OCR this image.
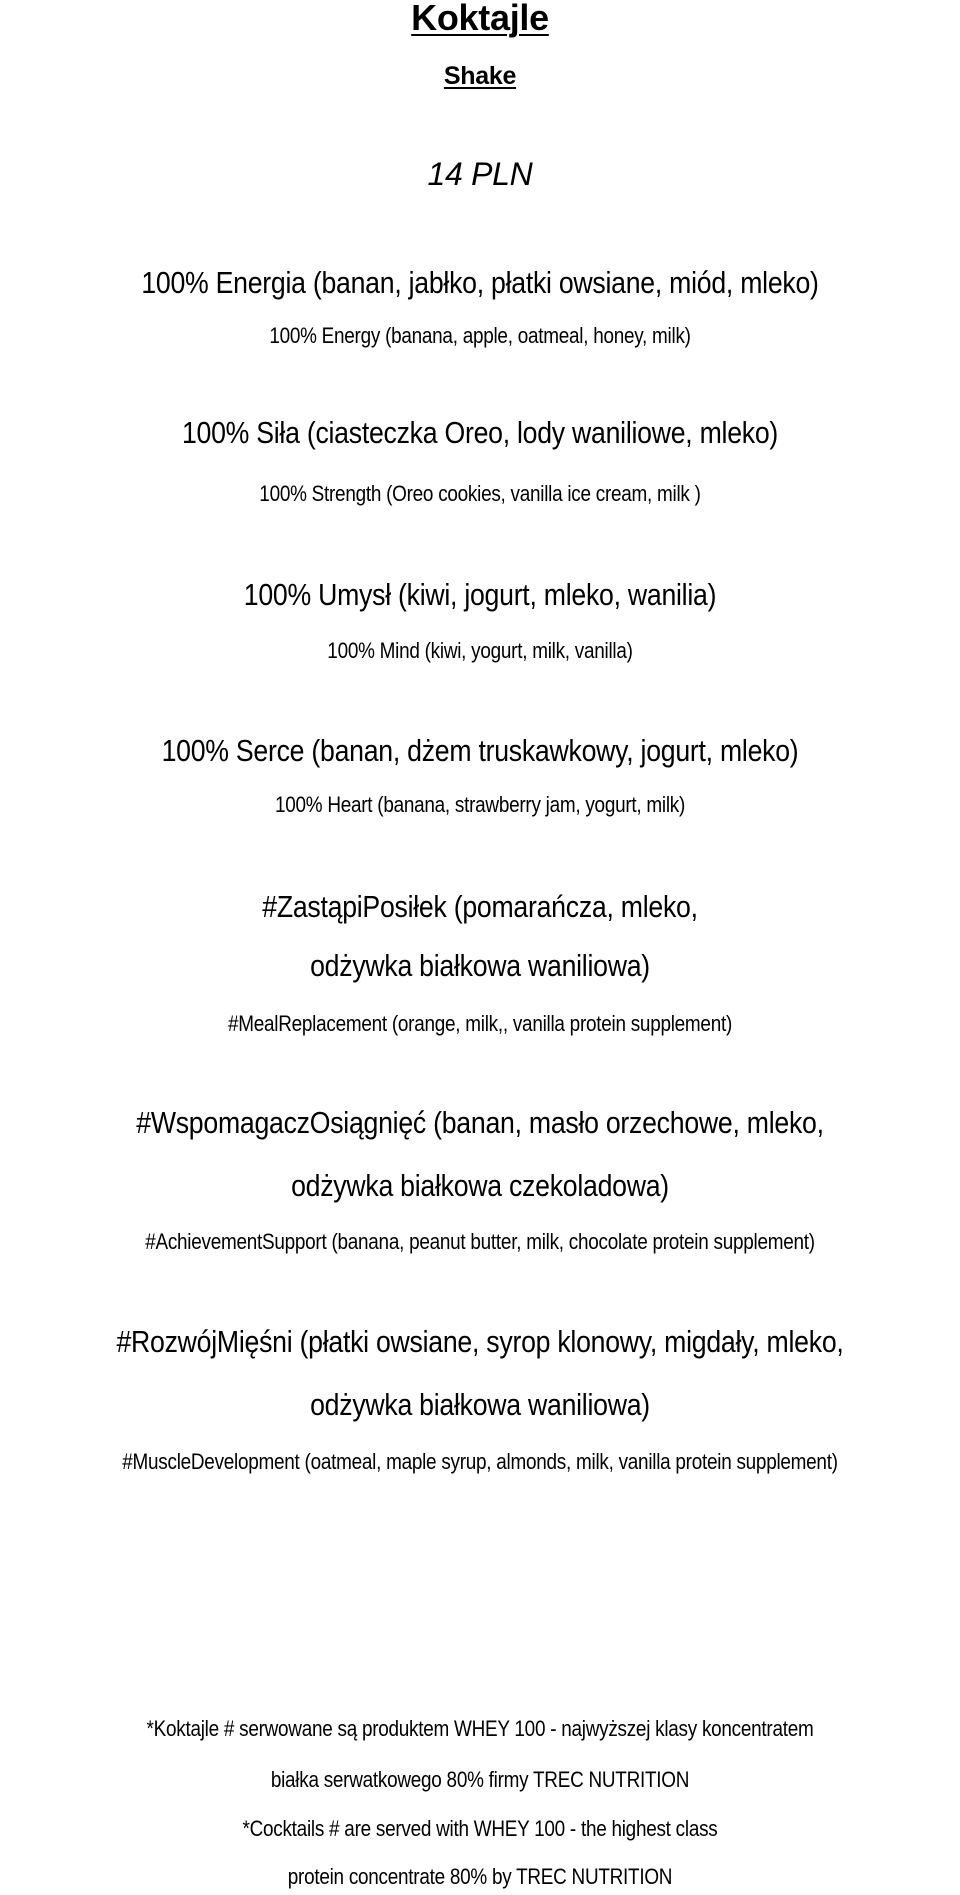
Koktajle
Shake
14 PLN
100% Energia (banan, jabłko, płatki owsiane, miód, mleko)
100% Energy (banana, apple, oatmeal, honey, milk)
100% Siła (ciasteczka Oreo, lody waniliowe, mleko)
100% Strength (Oreo cookies, vanilla ice cream, milk )
100% Umysł (kiwi, jogurt, mleko, wanilia)
100% Mind (kiwi, yogurt, milk, vanilla)
100% Serce (banan, dżem truskawkowy, jogurt, mleko)
100% Heart (banana, strawberry jam, yogurt, milk)
#ZastąpiPosiłek (pomarańcza, mleko,
odżywka białkowa waniliowa)
#MealReplacement (orange, milk,, vanilla protein supplement)
#WspomagaczOsiągnięć (banan, masło orzechowe, mleko,
odżywka białkowa czekoladowa)
#AchievementSupport (banana, peanut butter, milk, chocolate protein supplement)
#RozwójMięśni (płatki owsiane, syrop klonowy, migdały, mleko,
odżywka białkowa waniliowa)
#MuscleDevelopment (oatmeal, maple syrup, almonds, milk, vanilla protein supplement)
*Koktajle # serwowane są produktem WHEY 100 - najwyższej klasy koncentratem
białka serwatkowego 80% firmy TREC NUTRITION
*Cocktails # are served with WHEY 100 - the highest class
protein concentrate 80% by TREC NUTRITION
